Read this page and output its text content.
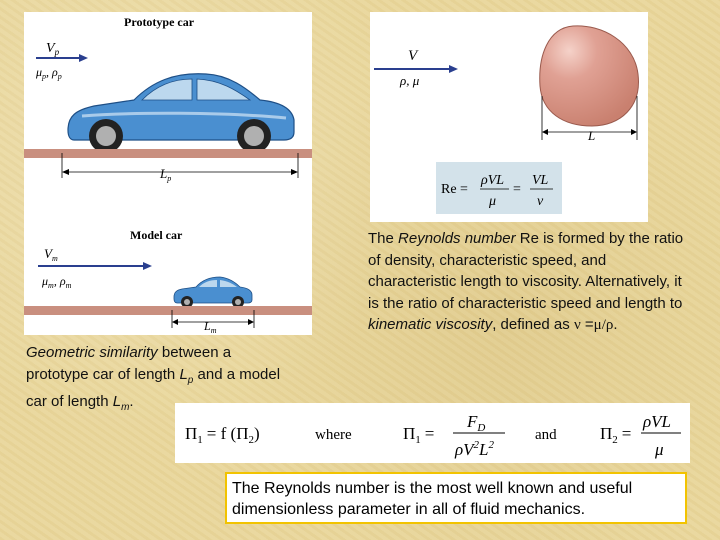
Prototype car
$V_p$
$\mu_p$, $\rho_p$
$L_p$
Model car
$V_m$
$\mu_m$, $\rho_m$
$L_m$
V
ρ, μ
L
Re =
ρVL
μ
=
VL
ν
Geometric similarity between a
prototype car of length $L_p$ and a model
car of length $L_m$.
The Reynolds number Re is formed by the ratio of density, characteristic speed, and characteristic length to viscosity. Alternatively, it is the ratio of characteristic speed and length to kinematic viscosity, defined as ν =μ/ρ.
$\Pi_1 = f$ $(\Pi_2)$	where	$\Pi_1$ =
$F_D$
$\rho V^2L^2$
and	$\Pi_2$ =
ρVL
μ
The Reynolds number is the most well known and useful dimensionless parameter in all of fluid mechanics.
